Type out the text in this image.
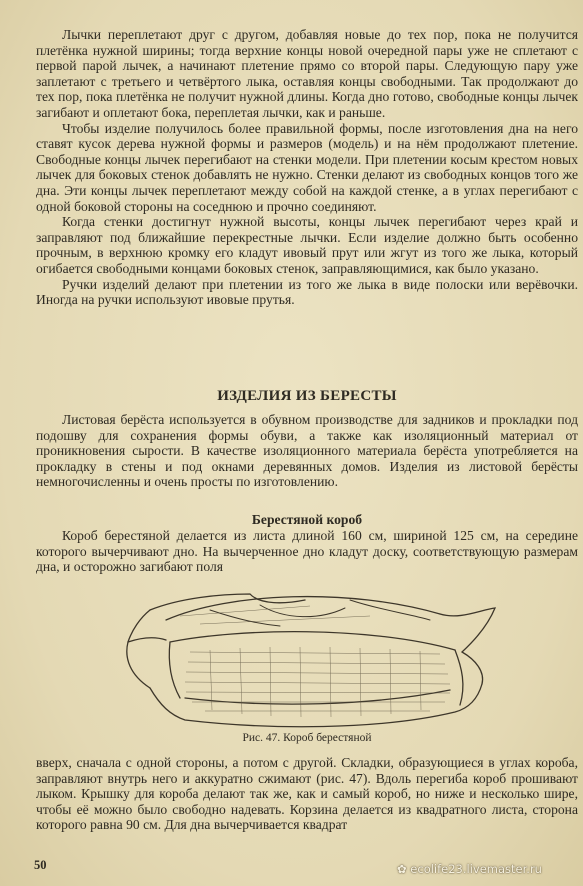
Лычки переплетают друг с другом, добавляя новые до тех пор, пока не получится плетёнка нужной ширины; тогда верхние концы новой очередной пары уже не сплетают с первой парой лычек, а начинают плетение прямо со второй пары. Следующую пару уже заплетают с третьего и четвёртого лыка, оставляя концы свободными. Так продолжают до тех пор, пока плетёнка не получит нужной длины. Когда дно готово, свободные концы лычек загибают и оплетают бока, переплетая лычки, как и раньше.

Чтобы изделие получилось более правильной формы, после изготовления дна на него ставят кусок дерева нужной формы и размеров (модель) и на нём продолжают плетение. Свободные концы лычек перегибают на стенки модели. При плетении косым крестом новых лычек для боковых стенок добавлять не нужно. Стенки делают из свободных концов того же дна. Эти концы лычек переплетают между собой на каждой стенке, а в углах перегибают с одной боковой стороны на соседнюю и прочно соединяют.

Когда стенки достигнут нужной высоты, концы лычек перегибают через край и заправляют под ближайшие перекрестные лычки. Если изделие должно быть особенно прочным, в верхнюю кромку его кладут ивовый прут или жгут из того же лыка, который огибается свободными концами боковых стенок, заправляющимися, как было указано.

Ручки изделий делают при плетении из того же лыка в виде полоски или верёвочки. Иногда на ручки используют ивовые прутья.

ИЗДЕЛИЯ ИЗ БЕРЕСТЫ

Листовая берёста используется в обувном производстве для задников и прокладки под подошву для сохранения формы обуви, а также как изоляционный материал от проникновения сырости. В качестве изоляционного материала берёста употребляется на прокладку в стены и под окнами деревянных домов. Изделия из листовой берёсты немногочисленны и очень просты по изготовлению.

Берестяной короб

Короб берестяной делается из листа длиной 160 см, шириной 125 см, на середине которого вычерчивают дно. На вычерченное дно кладут доску, соответствующую размерам дна, и осторожно загибают поля

Рис. 47. Короб берестяной

вверх, сначала с одной стороны, а потом с другой. Складки, образующиеся в углах короба, заправляют внутрь него и аккуратно сжимают (рис. 47). Вдоль перегиба короб прошивают лыком. Крышку для короба делают так же, как и самый короб, но ниже и несколько шире, чтобы её можно было свободно надевать. Корзина делается из квадратного листа, сторона которого равна 90 см. Для дна вычерчивается квадрат

50	✿ ecolife23.livemaster.ru
